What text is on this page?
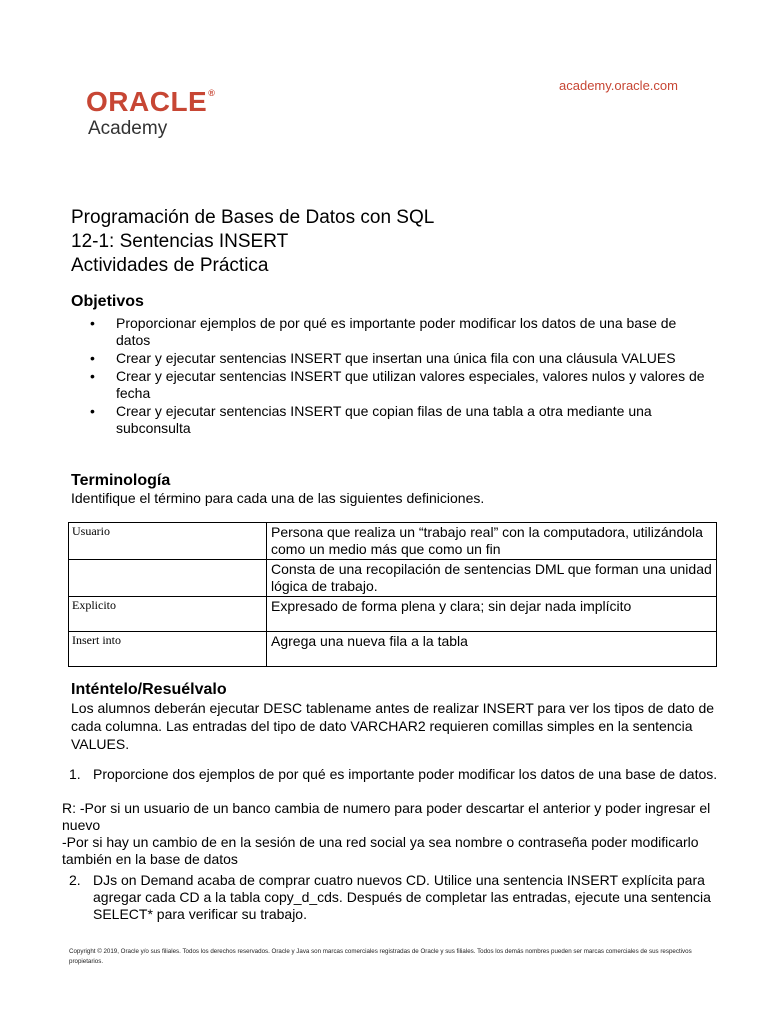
academy.oracle.com
ORACLE®
Academy
Programación de Bases de Datos con SQL
12-1: Sentencias INSERT
Actividades de Práctica
Objetivos
• Proporcionar ejemplos de por qué es importante poder modificar los datos de una base de datos
• Crear y ejecutar sentencias INSERT que insertan una única fila con una cláusula VALUES
• Crear y ejecutar sentencias INSERT que utilizan valores especiales, valores nulos y valores de fecha
• Crear y ejecutar sentencias INSERT que copian filas de una tabla a otra mediante una subconsulta
Terminología
Identifique el término para cada una de las siguientes definiciones.
Usuario	Persona que realiza un “trabajo real” con la computadora, utilizándola como un medio más que como un fin
	Consta de una recopilación de sentencias DML que forman una unidad lógica de trabajo.
Explicito	Expresado de forma plena y clara; sin dejar nada implícito
Insert into	Agrega una nueva fila a la tabla
Inténtelo/Resuélvalo
Los alumnos deberán ejecutar DESC tablename antes de realizar INSERT para ver los tipos de dato de cada columna. Las entradas del tipo de dato VARCHAR2 requieren comillas simples en la sentencia VALUES.
1. Proporcione dos ejemplos de por qué es importante poder modificar los datos de una base de datos.
R: -Por si un usuario de un banco cambia de numero para poder descartar el anterior y poder ingresar el nuevo
-Por si hay un cambio de en la sesión de una red social ya sea nombre o contraseña poder modificarlo también en la base de datos
2. DJs on Demand acaba de comprar cuatro nuevos CD. Utilice una sentencia INSERT explícita para agregar cada CD a la tabla copy_d_cds. Después de completar las entradas, ejecute una sentencia SELECT* para verificar su trabajo.
Copyright © 2019, Oracle y/o sus filiales. Todos los derechos reservados. Oracle y Java son marcas comerciales registradas de Oracle y sus filiales. Todos los demás nombres pueden ser marcas comerciales de sus respectivos propietarios.
